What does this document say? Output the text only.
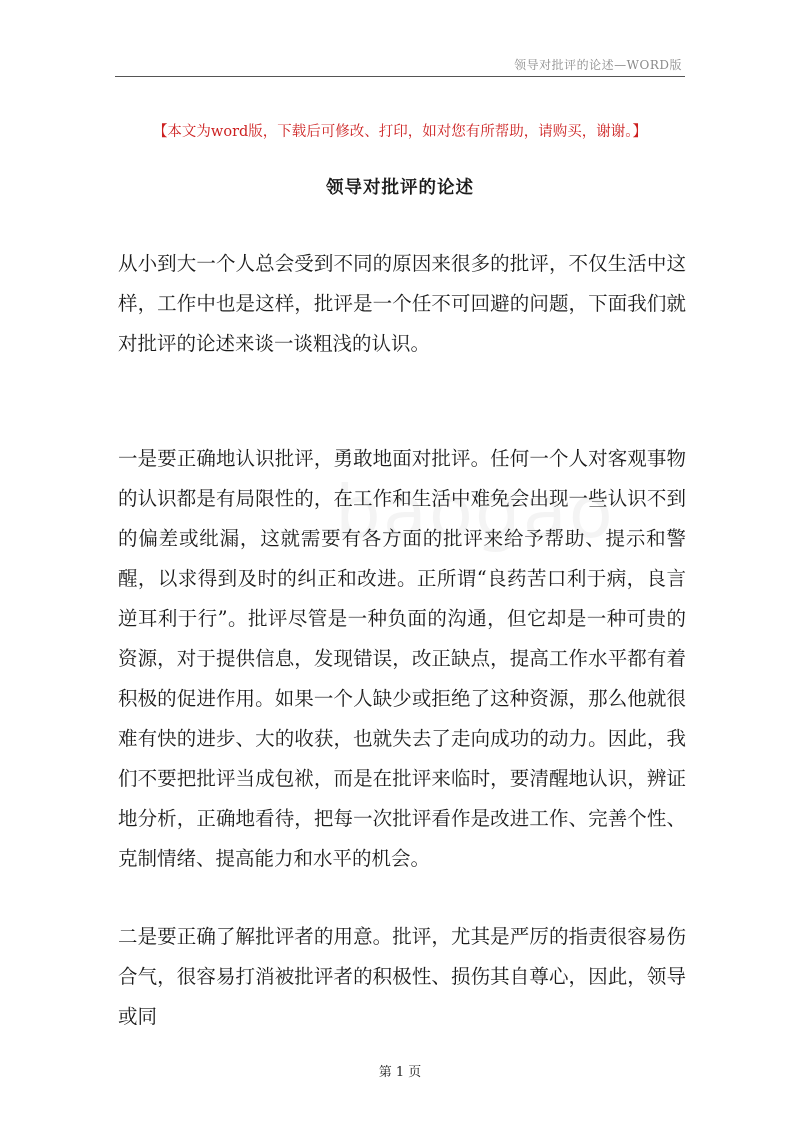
领导对批评的论述—WORD版
【本文为word版，下载后可修改、打印，如对您有所帮助，请购买，谢谢。】
领导对批评的论述

从小到大一个人总会受到不同的原因来很多的批评，不仅生活中这样，工作中也是这样，批评是一个任不可回避的问题，下面我们就对批评的论述来谈一谈粗浅的认识。

一是要正确地认识批评，勇敢地面对批评。任何一个人对客观事物的认识都是有局限性的，在工作和生活中难免会出现一些认识不到的偏差或纰漏，这就需要有各方面的批评来给予帮助、提示和警醒，以求得到及时的纠正和改进。正所谓“良药苦口利于病，良言逆耳利于行”。批评尽管是一种负面的沟通，但它却是一种可贵的资源，对于提供信息，发现错误，改正缺点，提高工作水平都有着积极的促进作用。如果一个人缺少或拒绝了这种资源，那么他就很难有快的进步、大的收获，也就失去了走向成功的动力。因此，我们不要把批评当成包袱，而是在批评来临时，要清醒地认识，辨证地分析，正确地看待，把每一次批评看作是改进工作、完善个性、克制情绪、提高能力和水平的机会。

二是要正确了解批评者的用意。批评，尤其是严厉的指责很容易伤合气，很容易打消被批评者的积极性、损伤其自尊心，因此，领导或同

第 1 页
